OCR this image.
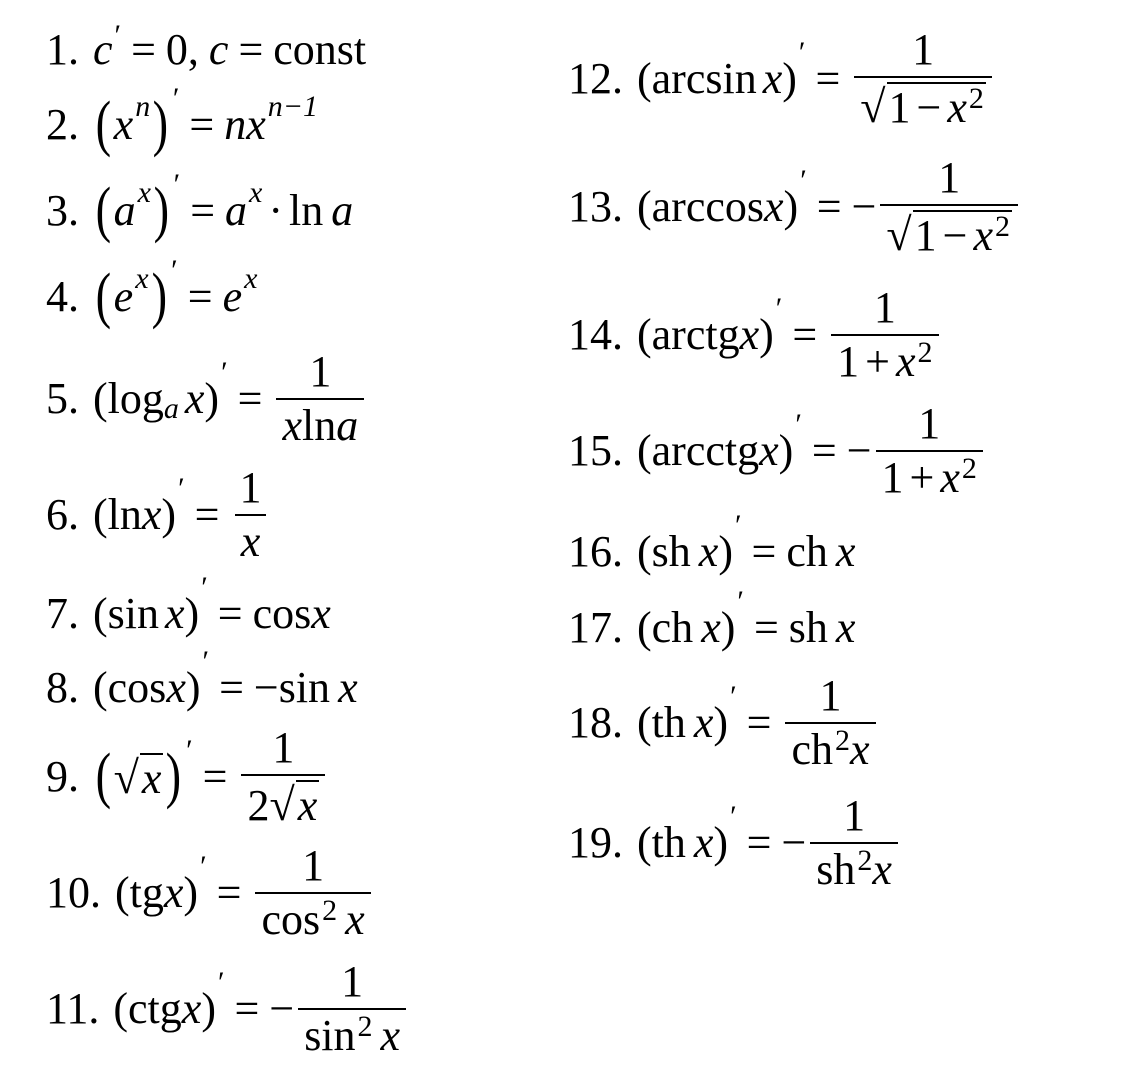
1. c ′ = 0, c = const
2. ( x n ) ′
= n x n−1
3. ( a x ) ′
= a x · ln a
4. ( e x ) ′
= e x
5. (log a x )
′
= $\frac{1}{xlna}$
6. (ln x )
′
= $\frac{1}{x}$
7. (sin x )
′
= cos x
8. (cos x )
′
= −sin x
9. ( √ x ) ′
= $\frac{1}{2 √ x}$
10. (tg x )
′
= $\frac{1}{\cos^2 x}$
11. (ctg x )
′
= − $\frac{1}{\sin^2 x}$
12. (arcsin x )
′
= $\frac{1}{√ 1 - x^2}$
13. (arccos x )
′
= − $\frac{1}{√ 1 - x^2}$
14. (arctg x )
′
= $\frac{1}{1 + x^2}$
15. (arcctg x )
′
= − $\frac{1}{1 + x^2}$
16. (sh x )
′
= ch x
17. (ch x )
′
= sh x
18. (th x )
′
= $\frac{1}{ch^2x}$
19. (th x )
′
= − $\frac{1}{sh^2x}$
